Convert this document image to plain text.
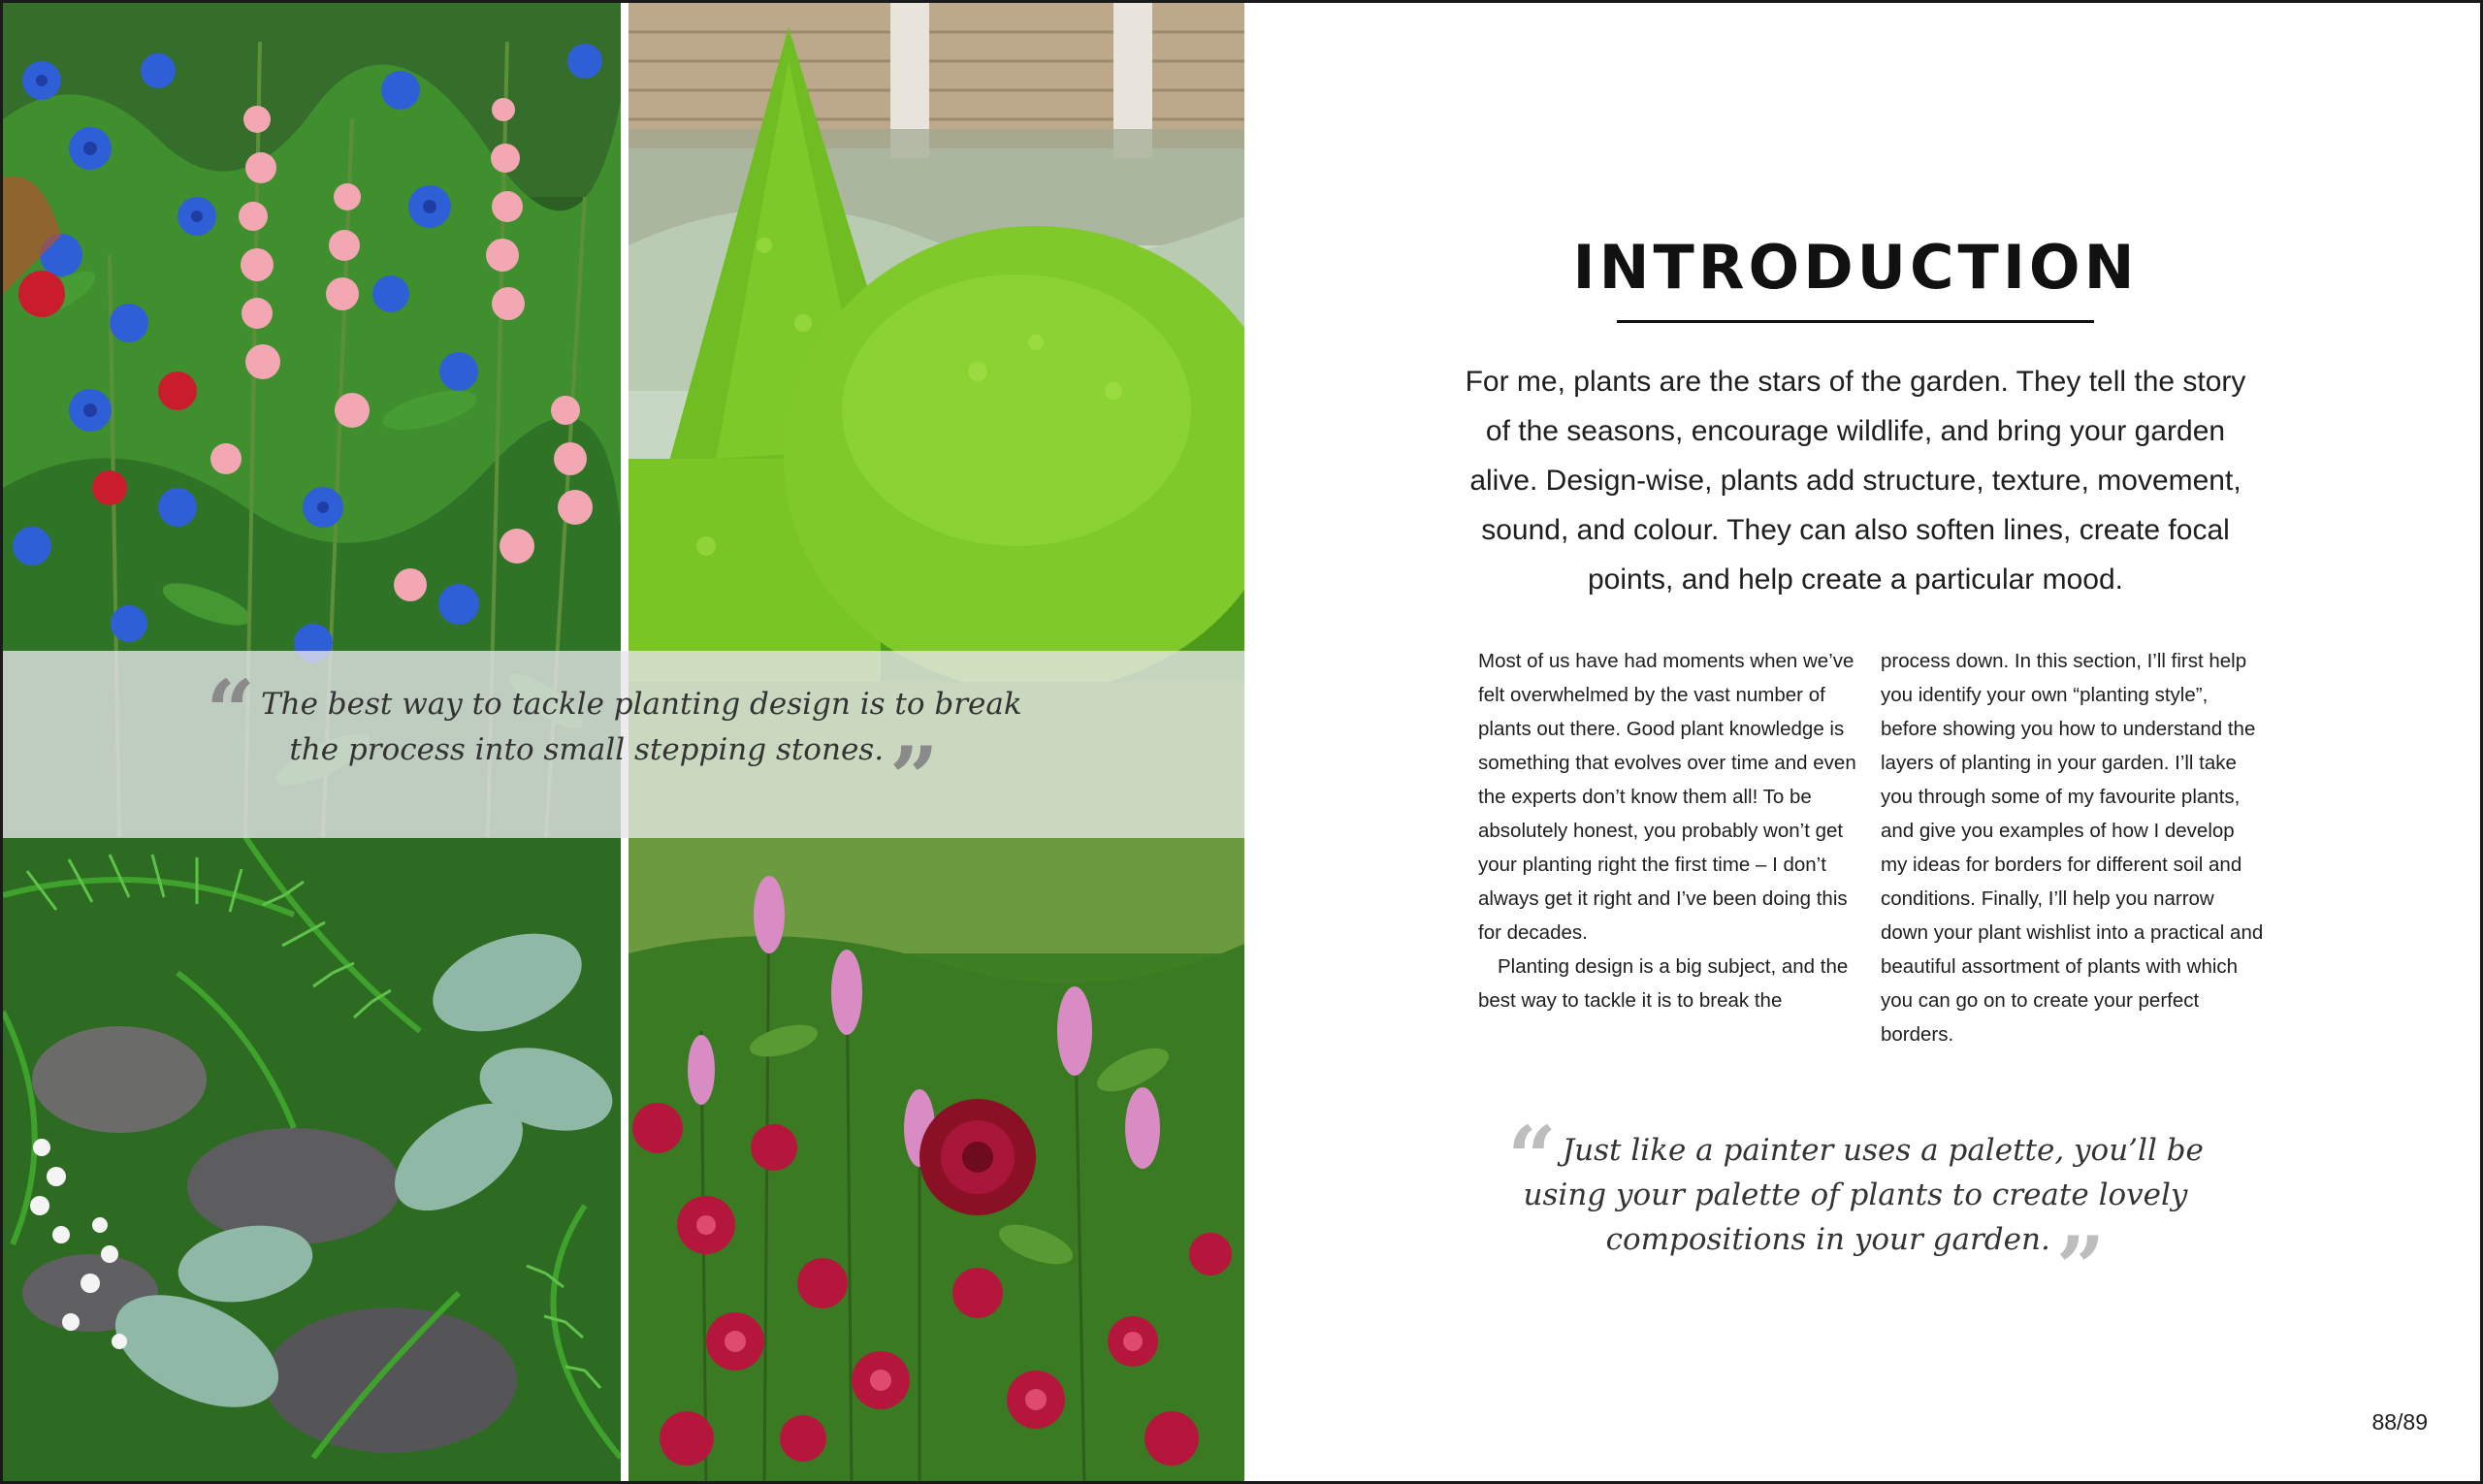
“ The best way to tackle planting design is to break
the process into small stepping stones.”
INTRODUCTION
For me, plants are the stars of the garden. They tell the story of the seasons, encourage wildlife, and bring your garden alive. Design-wise, plants add structure, texture, movement, sound, and colour. They can also soften lines, create focal points, and help create a particular mood.

Most of us have had moments when we’ve felt overwhelmed by the vast number of plants out there. Good plant knowledge is something that evolves over time and even the experts don’t know them all! To be absolutely honest, you probably won’t get your planting right the first time – I don’t always get it right and I’ve been doing this for decades.

Planting design is a big subject, and the best way to tackle it is to break the

process down. In this section, I’ll first help you identify your own “planting style”, before showing you how to understand the layers of planting in your garden. I’ll take you through some of my favourite plants, and give you examples of how I develop my ideas for borders for different soil and conditions. Finally, I’ll help you narrow down your plant wishlist into a practical and beautiful assortment of plants with which you can go on to create your perfect borders.

“ Just like a painter uses a palette, you’ll be
using your palette of plants to create lovely
compositions in your garden.”
88/89
